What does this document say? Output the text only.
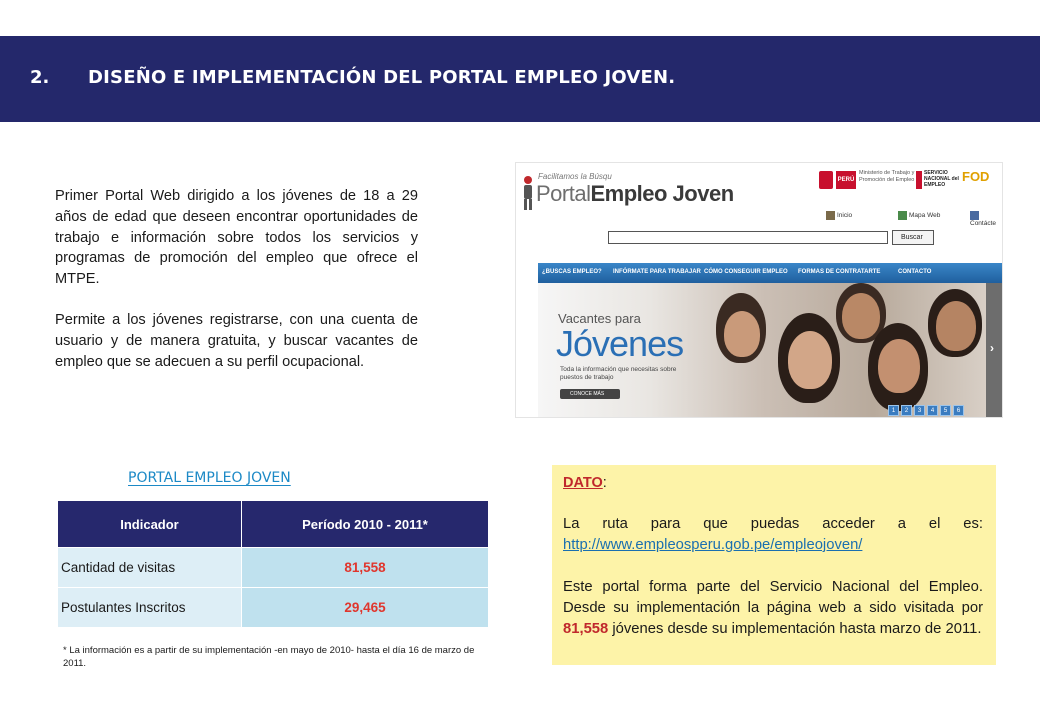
2. DISEÑO E IMPLEMENTACIÓN DEL PORTAL EMPLEO JOVEN.

Primer Portal Web dirigido a los jóvenes de 18 a 29 años de edad que deseen encontrar oportunidades de trabajo e información sobre todos los servicios y programas de promoción del empleo que ofrece el MTPE.

Permite a los jóvenes registrarse, con una cuenta de usuario y de manera gratuita, y buscar vacantes de empleo que se adecuen a su perfil ocupacional.

Facilitamos la Búsqu
PortalEmpleo Joven
PERÚ
Ministerio de Trabajo y Promoción del Empleo
SERVICIO NACIONAL del EMPLEO
FOD
Inicio	Mapa Web
Contácte
Buscar
¿BUSCAS EMPLEO? INFÓRMATE PARA TRABAJAR CÓMO CONSEGUIR EMPLEO FORMAS DE CONTRATARTE	CONTACTO
›
Vacantes para
Jóvenes
Toda la información que necesitas sobre puestos de trabajo
CONOCE MÁS
1 2 3 4 5 6
PORTAL EMPLEO JOVEN
Indicador	Período 2010 - 2011*
Cantidad de visitas	81,558
Postulantes Inscritos	29,465
* La información es a partir de su implementación -en mayo de 2010- hasta el día 16 de marzo de 2011.
DATO:

La ruta para que puedas acceder a el es: http://www.empleosperu.gob.pe/empleojoven/

Este portal forma parte del Servicio Nacional del Empleo. Desde su implementación la página web a sido visitada por 81,558 jóvenes desde su implementación hasta marzo de 2011.
